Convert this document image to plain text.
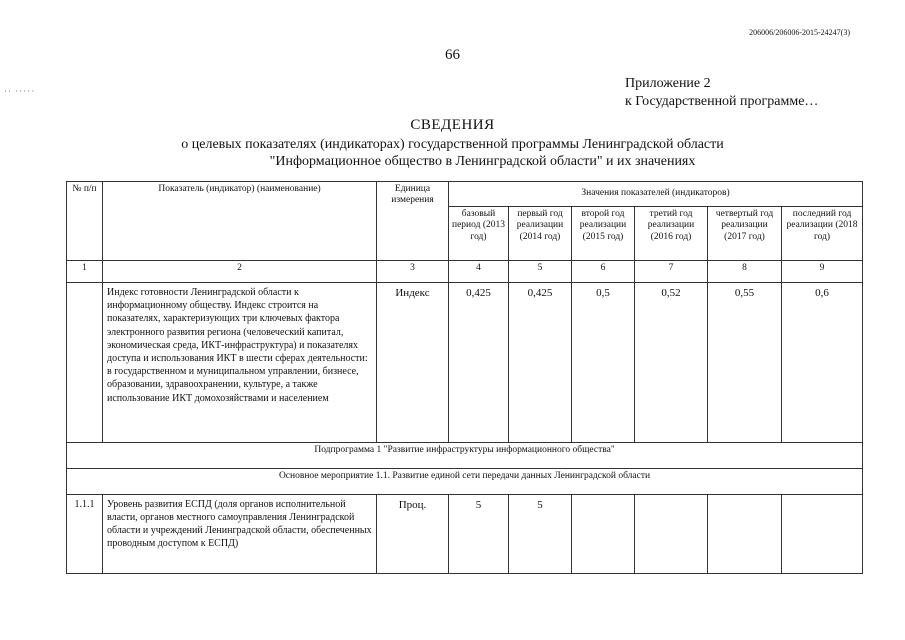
206006/206006-2015-24247(3)
66
·· ·····	Приложение 2
к Государственной программе…
СВЕДЕНИЯ
о целевых показателях (индикаторах) государственной программы Ленинградской области
"Информационное общество в Ленинградской области" и их значениях
№ п/п	Показатель (индикатор) (наименование)	Единица измерения	Значения показателей (индикаторов)					
			базовый период (2013 год)	первый год реализации (2014 год)	второй год реализации (2015 год)	третий год реализации (2016 год)	четвертый год реализации (2017 год)	последний год реализации (2018 год)
1	2	3	4	5	6	7	8	9
	Индекс готовности Ленинградской области к информационному обществу. Индекс строится на показателях, характеризующих три ключевых фактора электронного развития региона (человеческий капитал, экономическая среда, ИКТ-инфраструктура) и показателях доступа и использования ИКТ в шести сферах деятельности: в государственном и муниципальном управлении, бизнесе, образовании, здравоохранении, культуре, а также использование ИКТ домохозяйствами и населением	Индекс	0,425	0,425	0,5	0,52	0,55	0,6
Подпрограмма 1 "Развитие инфраструктуры информационного общества"								
Основное мероприятие 1.1. Развитие единой сети передачи данных Ленинградской области								
1.1.1	Уровень развития ЕСПД (доля органов исполнительной власти, органов местного самоуправления Ленинградской области и учреждений Ленинградской области, обеспеченных проводным доступом к ЕСПД)	Проц.	5	5				
